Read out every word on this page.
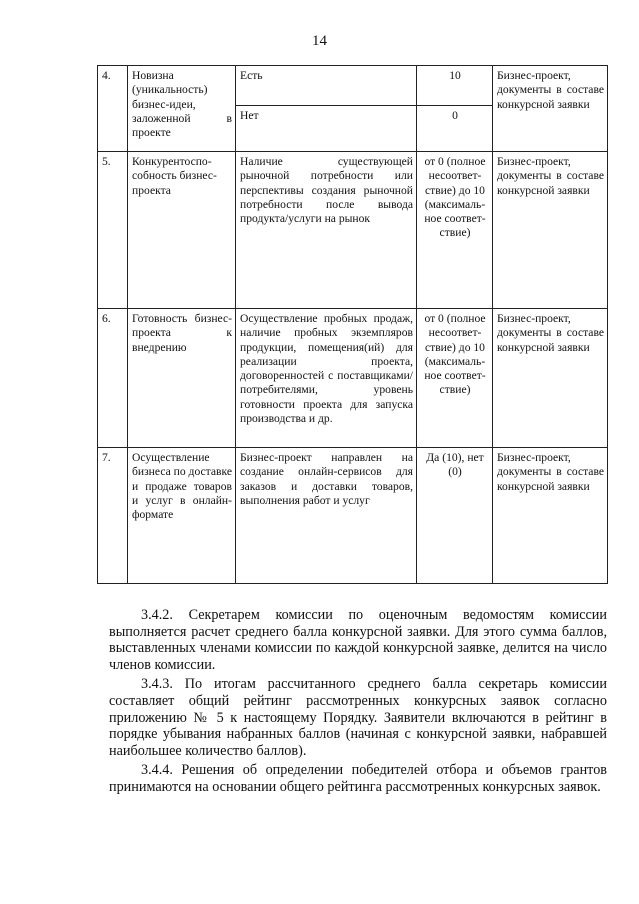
14
4.	Новизна (уникальность) бизнес-идеи, заложенной в проекте	Есть	10	Бизнес-проект, документы в составе конкурсной заявки
		Нет	0	
5.	Конкурентоспо-собность бизнес-проекта	Наличие существующей рыночной потребности или перспективы создания рыночной потребности после вывода продукта/услуги на рынок	от 0 (полное несоответ-ствие) до 10 (максималь-ное соответ-ствие)	Бизнес-проект, документы в составе конкурсной заявки
6.	Готовность бизнес-проекта к внедрению	Осуществление пробных продаж, наличие пробных экземпляров продукции, помещения(ий) для реализации проекта, договоренностей с поставщиками/потребителями, уровень готовности проекта для запуска производства и др.	от 0 (полное несоответ-ствие) до 10 (максималь-ное соответ-ствие)	Бизнес-проект, документы в составе конкурсной заявки
7.	Осуществление бизнеса по доставке и продаже товаров и услуг в онлайн-формате	Бизнес-проект направлен на создание онлайн-сервисов для заказов и доставки товаров, выполнения работ и услуг	Да (10), нет (0)	Бизнес-проект, документы в составе конкурсной заявки

3.4.2. Секретарем комиссии по оценочным ведомостям комиссии выполняется расчет среднего балла конкурсной заявки. Для этого сумма баллов, выставленных членами комиссии по каждой конкурсной заявке, делится на число членов комиссии.

3.4.3. По итогам рассчитанного среднего балла секретарь комиссии составляет общий рейтинг рассмотренных конкурсных заявок согласно приложению № 5 к настоящему Порядку. Заявители включаются в рейтинг в порядке убывания набранных баллов (начиная с конкурсной заявки, набравшей наибольшее количество баллов).

3.4.4. Решения об определении победителей отбора и объемов грантов принимаются на основании общего рейтинга рассмотренных конкурсных заявок.
